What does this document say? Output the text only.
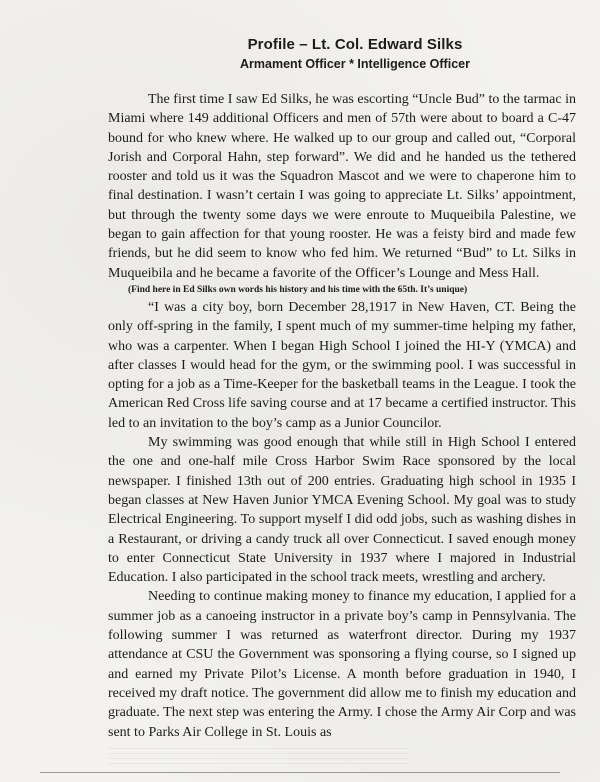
Profile – Lt. Col. Edward Silks
Armament Officer * Intelligence Officer

The first time I saw Ed Silks, he was escorting “Uncle Bud” to the tarmac in Miami where 149 additional Officers and men of 57th were about to board a C-47 bound for who knew where. He walked up to our group and called out, “Corporal Jorish and Corporal Hahn, step forward”. We did and he handed us the tethered rooster and told us it was the Squadron Mascot and we were to chaperone him to final destination. I wasn’t certain I was going to appreciate Lt. Silks’ appointment, but through the twenty some days we were enroute to Muqueibila Palestine, we began to gain affection for that young rooster. He was a feisty bird and made few friends, but he did seem to know who fed him. We returned “Bud” to Lt. Silks in Muqueibila and he became a favorite of the Officer’s Lounge and Mess Hall.

(Find here in Ed Silks own words his history and his time with the 65th. It’s unique)

“I was a city boy, born December 28,1917 in New Haven, CT. Being the only off-spring in the family, I spent much of my summer-time helping my father, who was a carpenter. When I began High School I joined the HI-Y (YMCA) and after classes I would head for the gym, or the swimming pool. I was successful in opting for a job as a Time-Keeper for the basketball teams in the League. I took the American Red Cross life saving course and at 17 became a certified instructor. This led to an invitation to the boy’s camp as a Junior Councilor.

My swimming was good enough that while still in High School I entered the one and one-half mile Cross Harbor Swim Race sponsored by the local newspaper. I finished 13th out of 200 entries. Graduating high school in 1935 I began classes at New Haven Junior YMCA Evening School. My goal was to study Electrical Engineering. To support myself I did odd jobs, such as washing dishes in a Restaurant, or driving a candy truck all over Connecticut. I saved enough money to enter Connecticut State University in 1937 where I majored in Industrial Education. I also participated in the school track meets, wrestling and archery.

Needing to continue making money to finance my education, I applied for a summer job as a canoeing instructor in a private boy’s camp in Pennsylvania. The following summer I was returned as waterfront director. During my 1937 attendance at CSU the Government was sponsoring a flying course, so I signed up and earned my Private Pilot’s License. A month before graduation in 1940, I received my draft notice. The government did allow me to finish my education and graduate. The next step was entering the Army. I chose the Army Air Corp and was sent to Parks Air College in St. Louis as
